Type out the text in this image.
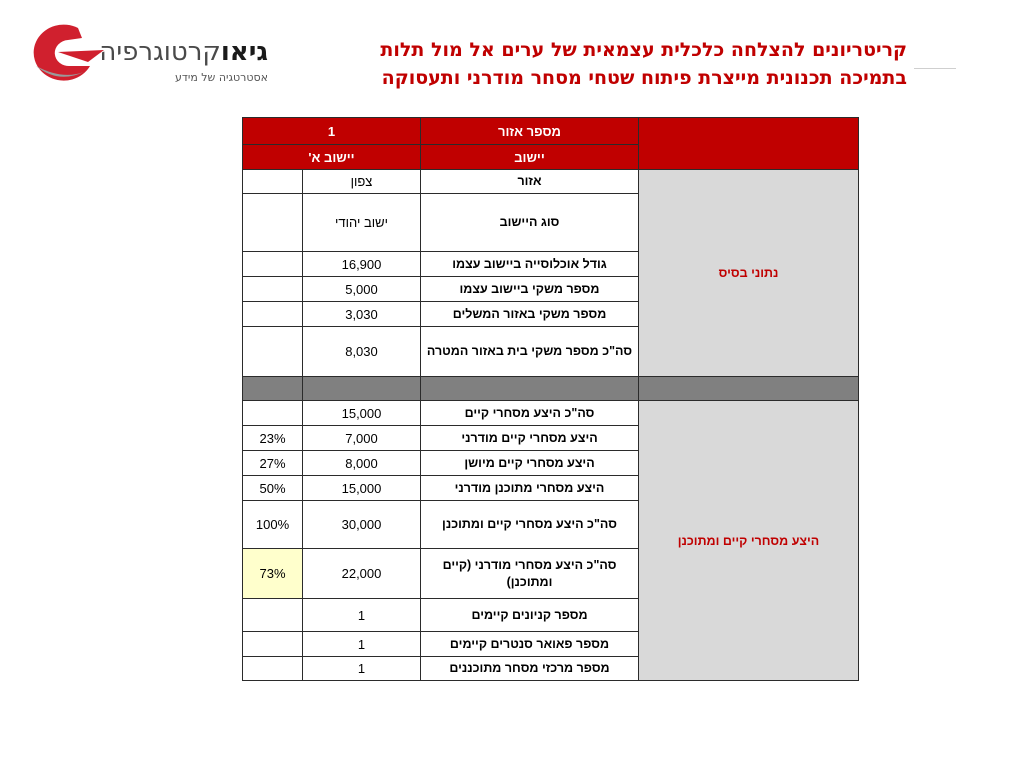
גיאוקרטוגרפיה
אסטרטגיה של מידע
קריטריונים להצלחה כלכלית עצמאית של ערים אל מול תלות
בתמיכה תכנונית מייצרת פיתוח שטחי מסחר מודרני ותעסוקה
1		מספר אזור	
יישוב א'		יישוב	
	צפון	אזור	נתוני בסיס
	ישוב יהודי	סוג היישוב	
	16,900	גודל אוכלוסייה ביישוב עצמו	
	5,000	מספר משקי ביישוב עצמו	
	3,030	מספר משקי באזור המשלים	
	8,030	סה"כ מספר משקי בית באזור המטרה	

	15,000	סה"כ היצע מסחרי קיים	היצע מסחרי קיים ומתוכנן
23%	7,000	היצע מסחרי קיים מודרני	
27%	8,000	היצע מסחרי קיים מיושן	
50%	15,000	היצע מסחרי מתוכנן מודרני	
100%	30,000	סה"כ היצע מסחרי קיים ומתוכנן	
73%	22,000	סה"כ היצע מסחרי מודרני (קיים ומתוכנן)	
	1	מספר קניונים קיימים	
	1	מספר פאואר סנטרים קיימים	
	1	מספר מרכזי מסחר מתוכננים	
